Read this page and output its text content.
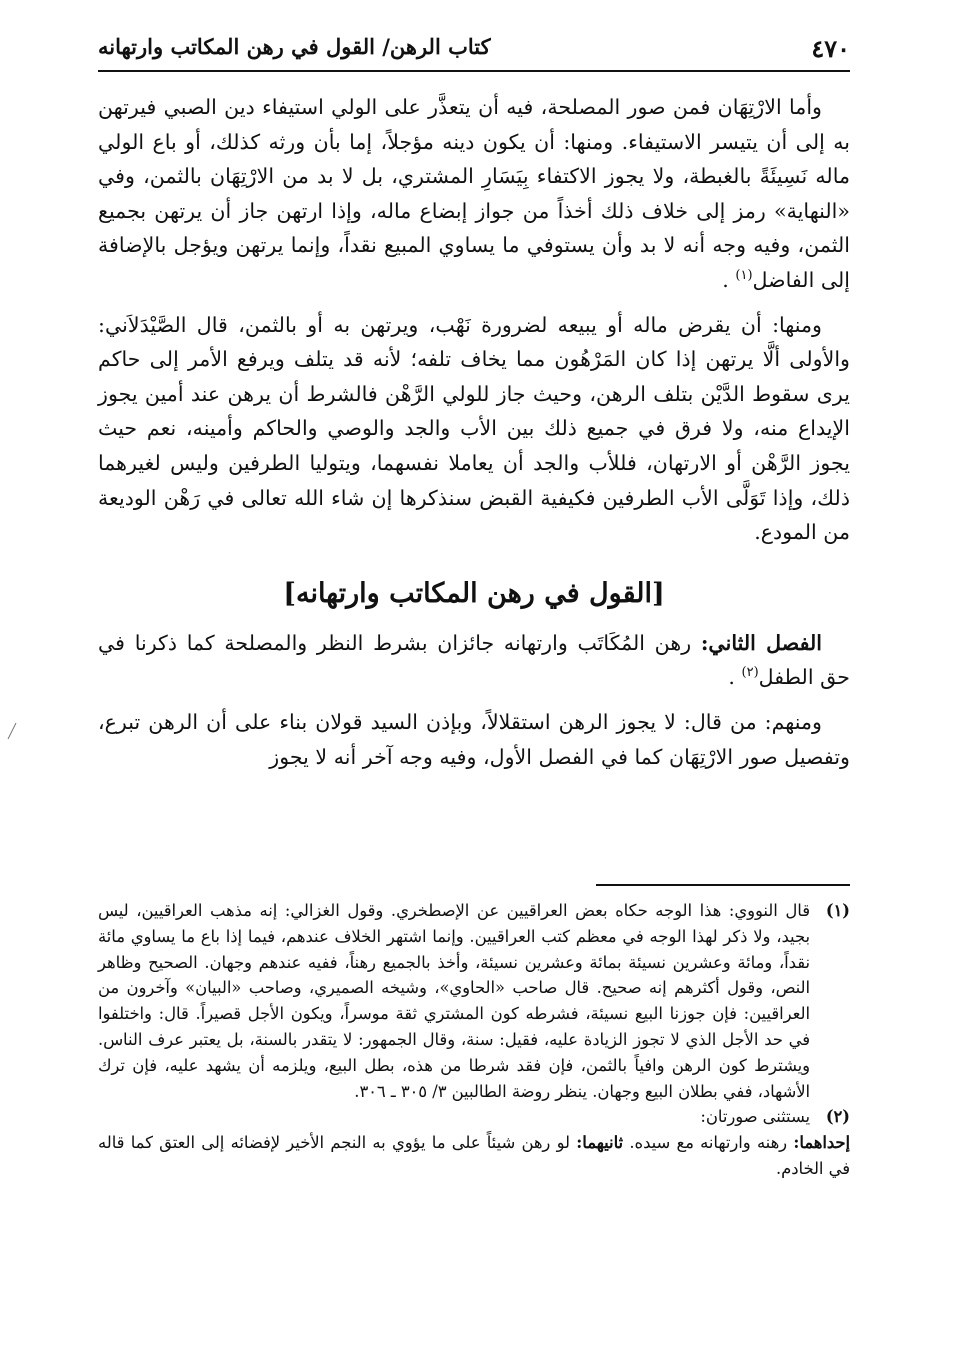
٤٧٠
كتاب الرهن/ القول في رهن المكاتب وارتهانه

وأما الارْتِهَان فمن صور المصلحة، فيه أن يتعذَّر على الولي استيفاء دين الصبي فيرتهن به إلى أن يتيسر الاستيفاء. ومنها: أن يكون دينه مؤجلاً، إما بأن ورثه كذلك، أو باع الولي ماله نَسِيئَةً بالغبطة، ولا يجوز الاكتفاء بِيَسَارِ المشتري، بل لا بد من الارْتِهَان بالثمن، وفي «النهاية» رمز إلى خلاف ذلك أخذاً من جواز إبضاع ماله، وإذا ارتهن جاز أن يرتهن بجميع الثمن، وفيه وجه أنه لا بد وأن يستوفي ما يساوي المبيع نقداً، وإنما يرتهن ويؤجل بالإضافة إلى الفاضل$^{(١)}$ .

ومنها: أن يقرض ماله أو يبيعه لضرورة نَهْب، ويرتهن به أو بالثمن، قال الصَّيْدَلاَني: والأولى ألَّا يرتهن إذا كان المَرْهُون مما يخاف تلفه؛ لأنه قد يتلف ويرفع الأمر إلى حاكم يرى سقوط الدَّيْن بتلف الرهن، وحيث جاز للولي الرَّهْن فالشرط أن يرهن عند أمين يجوز الإيداع منه، ولا فرق في جميع ذلك بين الأب والجد والوصي والحاكم وأمينه، نعم حيث يجوز الرَّهْن أو الارتهان، فللأب والجد أن يعاملا نفسهما، ويتوليا الطرفين وليس لغيرهما ذلك، وإذا تَوَلَّى الأب الطرفين فكيفية القبض سنذكرها إن شاء الله تعالى في رَهْن الوديعة من المودع.

[القول في رهن المكاتب وارتهانه]

الفصل الثاني: رهن المُكَاتَب وارتهانه جائزان بشرط النظر والمصلحة كما ذكرنا في حق الطفل$^{(٢)}$ .

ومنهم: من قال: لا يجوز الرهن استقلالاً، وبإذن السيد قولان بناء على أن الرهن تبرع، وتفصيل صور الارْتِهَان كما في الفصل الأول، وفيه وجه آخر أنه لا يجوز

(١)
قال النووي: هذا الوجه حكاه بعض العراقيين عن الإصطخري. وقول الغزالي: إنه مذهب العراقيين، ليس بجيد، ولا ذكر لهذا الوجه في معظم كتب العراقيين. وإنما اشتهر الخلاف عندهم، فيما إذا باع ما يساوي مائة نقداً، ومائة وعشرين نسيئة بمائة وعشرين نسيئة، وأخذ بالجميع رهناً، ففيه عندهم وجهان. الصحيح وظاهر النص، وقول أكثرهم إنه صحيح. قال صاحب «الحاوي»، وشيخه الصميري، وصاحب «البيان» وآخرون من العراقيين: فإن جوزنا البيع نسيئة، فشرطه كون المشتري ثقة موسراً، ويكون الأجل قصيراً. قال: واختلفوا في حد الأجل الذي لا تجوز الزيادة عليه، فقيل: سنة، وقال الجمهور: لا يتقدر بالسنة، بل يعتبر عرف الناس. ويشترط كون الرهن وافياً بالثمن، فإن فقد شرطا من هذه، بطل البيع، ويلزمه أن يشهد عليه، فإن ترك الأشهاد، ففي بطلان البيع وجهان. ينظر روضة الطالبين ٣/ ٣٠٥ ـ ٣٠٦.
(٢)
يستثنى صورتان:

إحداهما: رهنه وارتهانه مع سيده. ثانيهما: لو رهن شيئاً على ما يؤوي به النجم الأخير لإفضائه إلى العتق كما قاله في الخادم.
